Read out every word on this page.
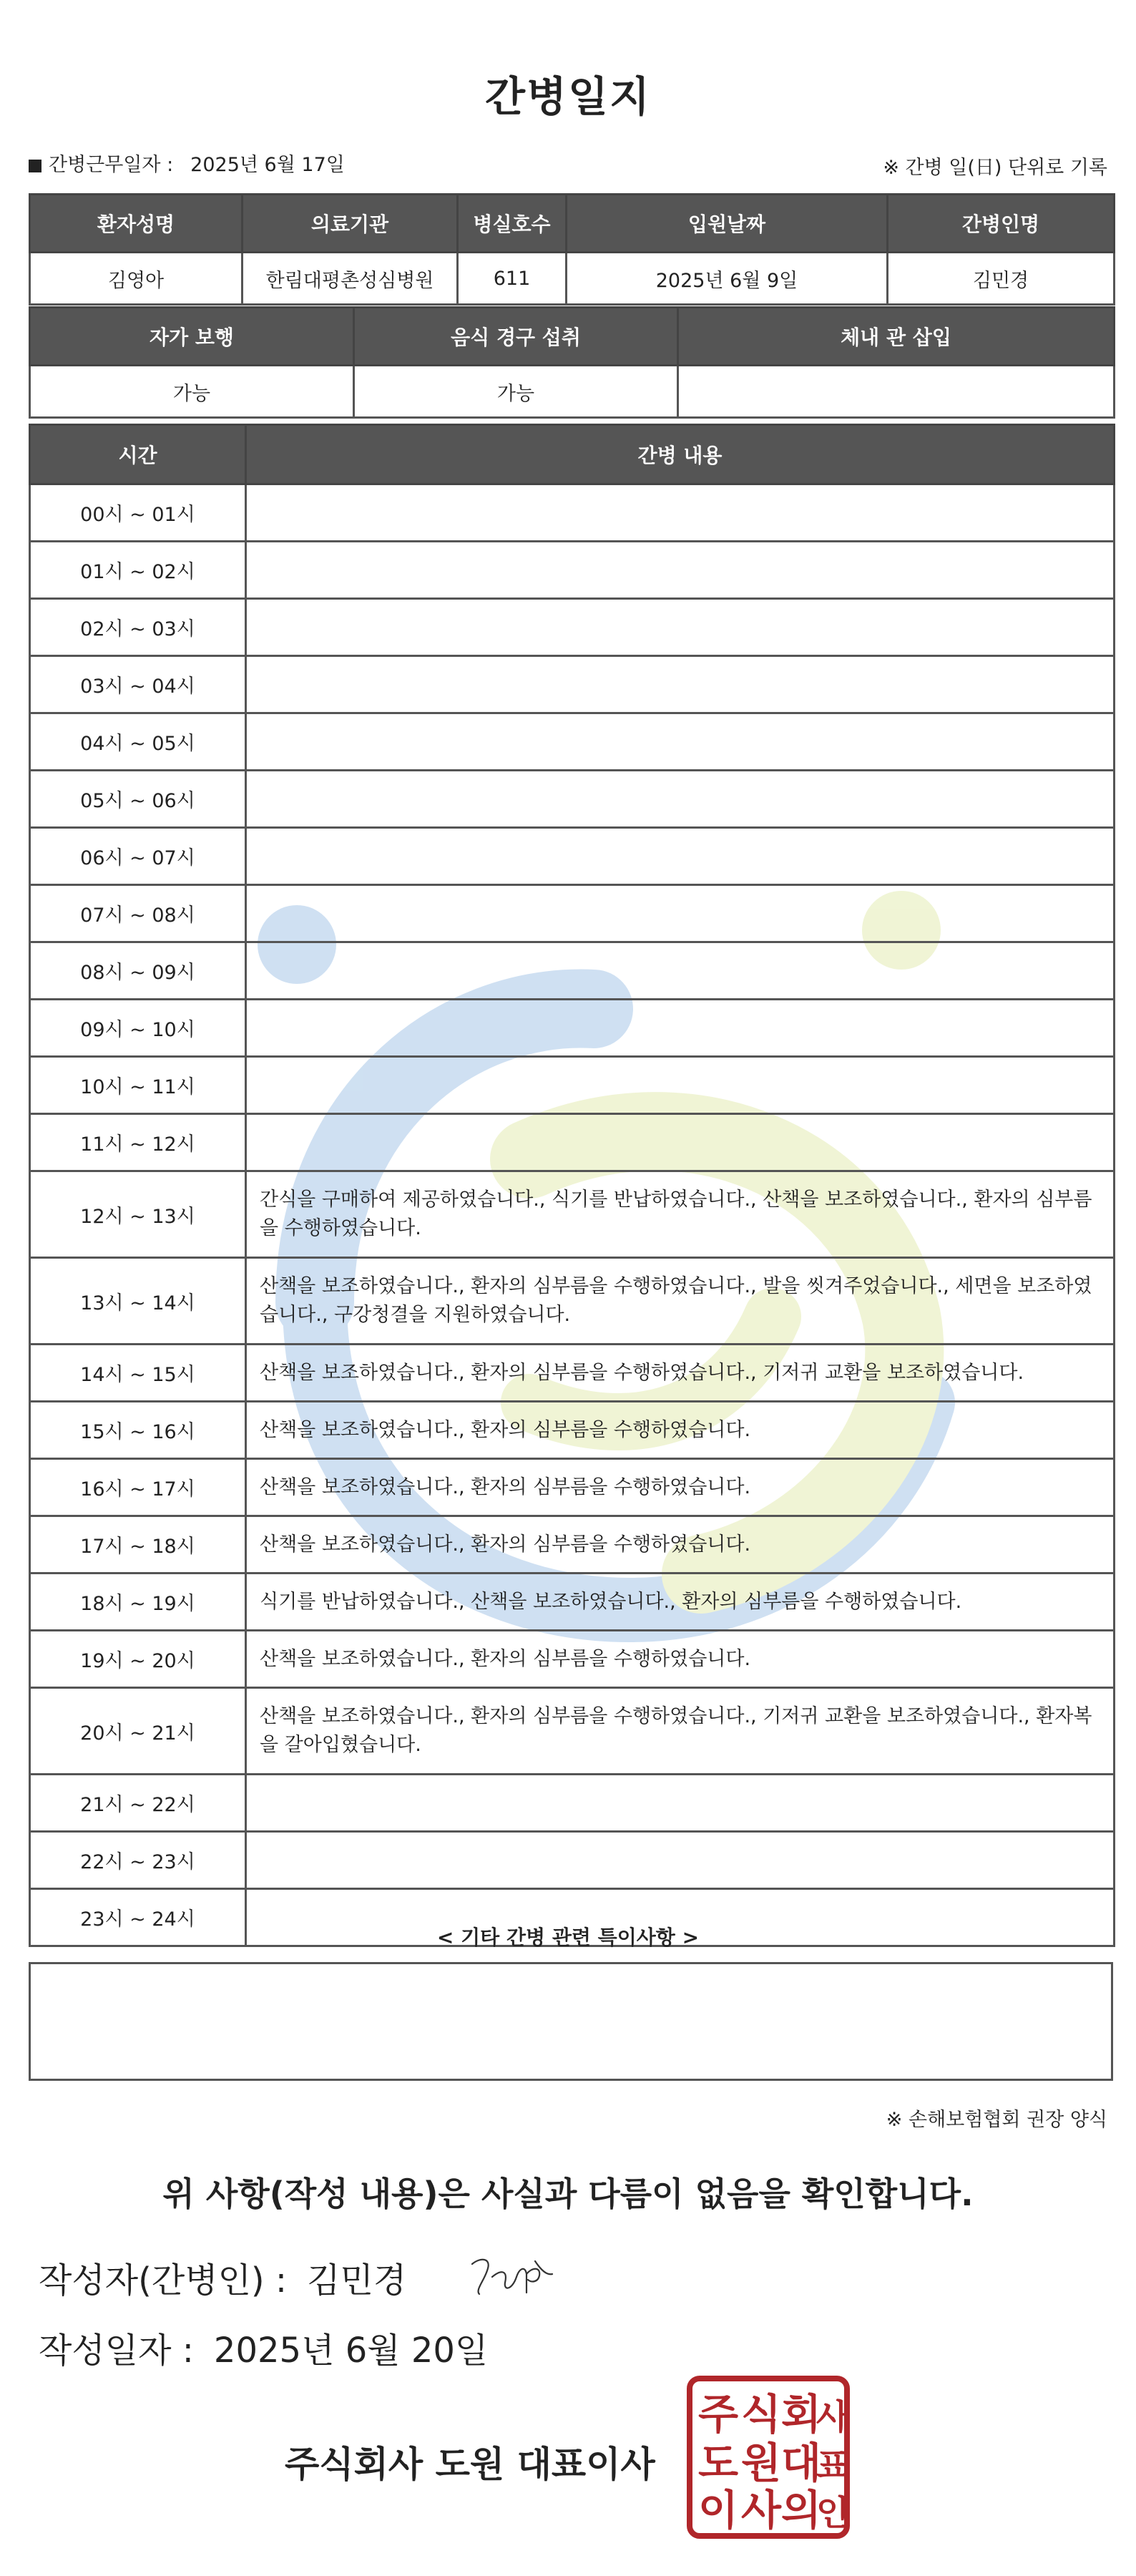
간병일지
간병근무일자 : 2025년 6월 17일	※ 간병 일(日) 단위로 기록
환자성명	의료기관	병실호수	입원날짜	간병인명
김영아	한림대평촌성심병원	611	2025년 6월 9일	김민경
자가 보행	음식 경구 섭취	체내 관 삽입
가능	가능	
시간	간병 내용
00시 ~ 01시	
01시 ~ 02시	
02시 ~ 03시	
03시 ~ 04시	
04시 ~ 05시	
05시 ~ 06시	
06시 ~ 07시	
07시 ~ 08시	
08시 ~ 09시	
09시 ~ 10시	
10시 ~ 11시	
11시 ~ 12시	
12시 ~ 13시	간식을 구매하여 제공하였습니다., 식기를 반납하였습니다., 산책을 보조하였습니다., 환자의 심부름을 수행하였습니다.
13시 ~ 14시	산책을 보조하였습니다., 환자의 심부름을 수행하였습니다., 발을 씻겨주었습니다., 세면을 보조하였습니다., 구강청결을 지원하였습니다.
14시 ~ 15시	산책을 보조하였습니다., 환자의 심부름을 수행하였습니다., 기저귀 교환을 보조하였습니다.
15시 ~ 16시	산책을 보조하였습니다., 환자의 심부름을 수행하였습니다.
16시 ~ 17시	산책을 보조하였습니다., 환자의 심부름을 수행하였습니다.
17시 ~ 18시	산책을 보조하였습니다., 환자의 심부름을 수행하였습니다.
18시 ~ 19시	식기를 반납하였습니다., 산책을 보조하였습니다., 환자의 심부름을 수행하였습니다.
19시 ~ 20시	산책을 보조하였습니다., 환자의 심부름을 수행하였습니다.
20시 ~ 21시	산책을 보조하였습니다., 환자의 심부름을 수행하였습니다., 기저귀 교환을 보조하였습니다., 환자복을 갈아입혔습니다.
21시 ~ 22시	
22시 ~ 23시	
23시 ~ 24시	
< 기타 간병 관련 특이사항 >
※ 손해보험협회 권장 양식
위 사항(작성 내용)은 사실과 다름이 없음을 확인합니다.
작성자(간병인) : 김민경
작성일자 : 2025년 6월 20일
주식회사 도원 대표이사
주 식 회
사
도 원 대
표
이 사 의
인
